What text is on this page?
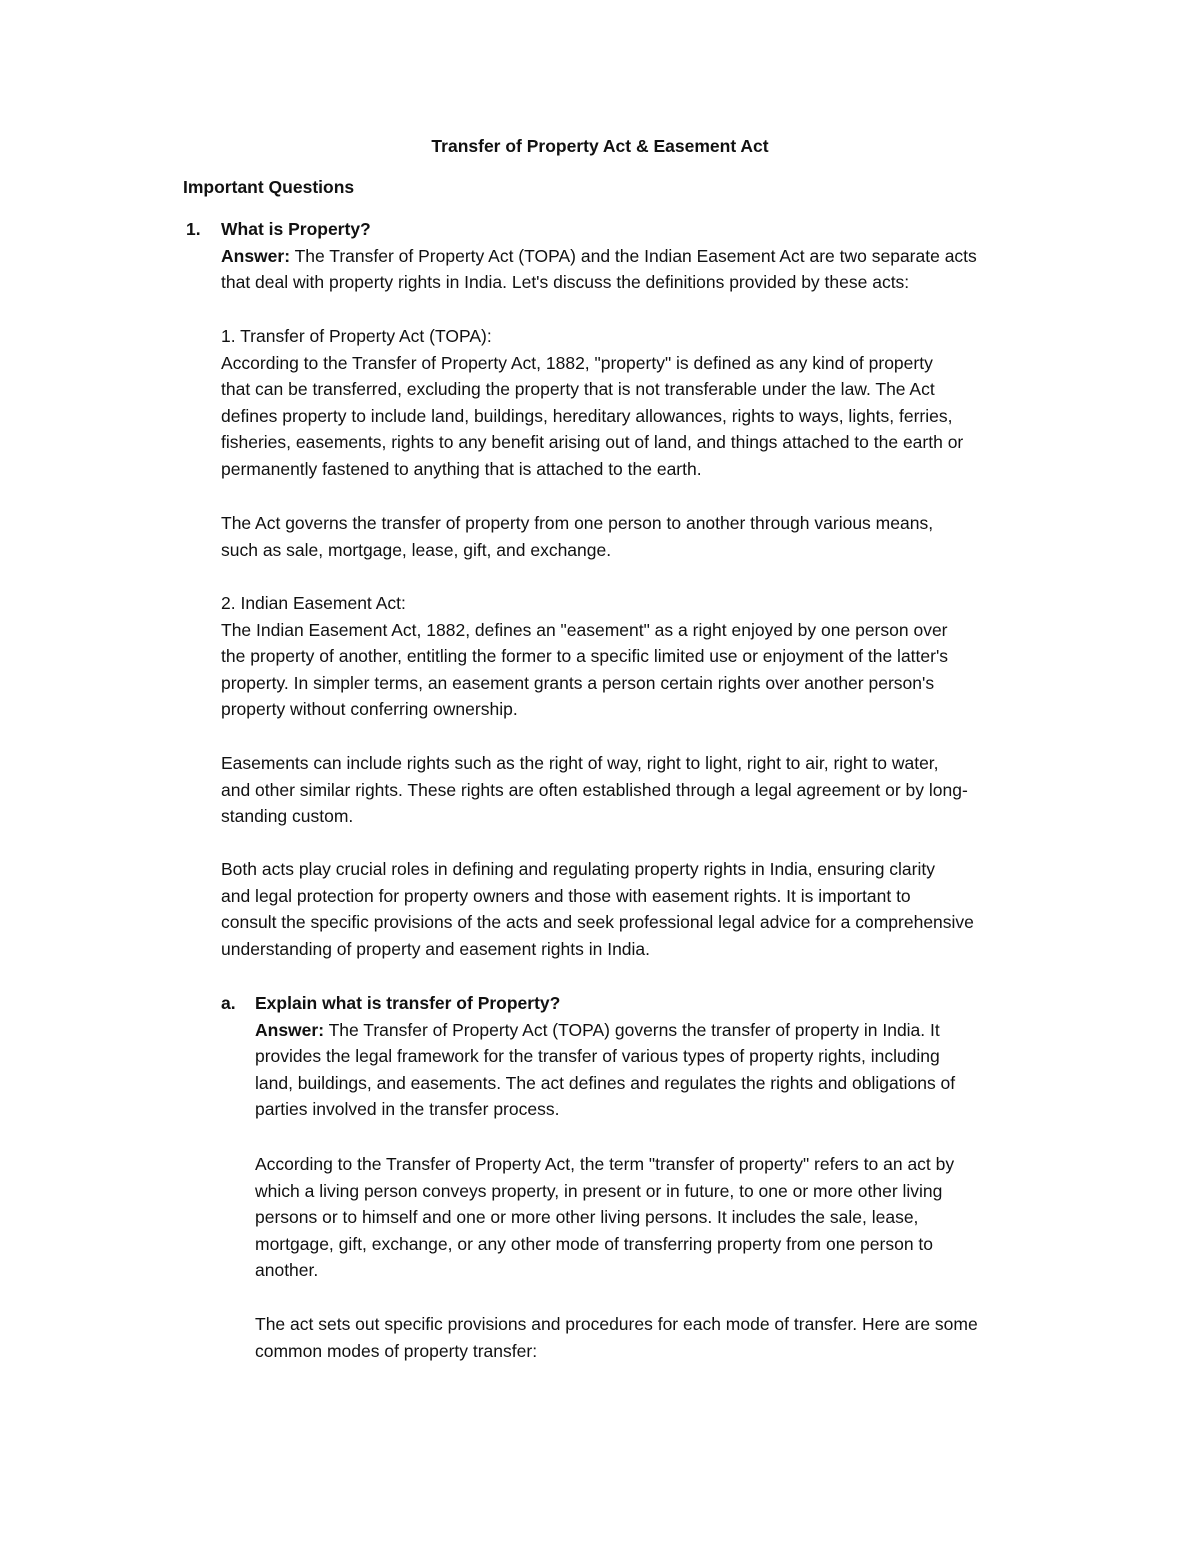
Transfer of Property Act & Easement Act
Important Questions
1. What is Property?

Answer: The Transfer of Property Act (TOPA) and the Indian Easement Act are two separate acts

that deal with property rights in India. Let's discuss the definitions provided by these acts:

1. Transfer of Property Act (TOPA):

According to the Transfer of Property Act, 1882, "property" is defined as any kind of property

that can be transferred, excluding the property that is not transferable under the law. The Act

defines property to include land, buildings, hereditary allowances, rights to ways, lights, ferries,

fisheries, easements, rights to any benefit arising out of land, and things attached to the earth or

permanently fastened to anything that is attached to the earth.

The Act governs the transfer of property from one person to another through various means,

such as sale, mortgage, lease, gift, and exchange.

2. Indian Easement Act:

The Indian Easement Act, 1882, defines an "easement" as a right enjoyed by one person over

the property of another, entitling the former to a specific limited use or enjoyment of the latter's

property. In simpler terms, an easement grants a person certain rights over another person's

property without conferring ownership.

Easements can include rights such as the right of way, right to light, right to air, right to water,

and other similar rights. These rights are often established through a legal agreement or by long-

standing custom.

Both acts play crucial roles in defining and regulating property rights in India, ensuring clarity

and legal protection for property owners and those with easement rights. It is important to

consult the specific provisions of the acts and seek professional legal advice for a comprehensive

understanding of property and easement rights in India.

a. Explain what is transfer of Property?

Answer: The Transfer of Property Act (TOPA) governs the transfer of property in India. It

provides the legal framework for the transfer of various types of property rights, including

land, buildings, and easements. The act defines and regulates the rights and obligations of

parties involved in the transfer process.

According to the Transfer of Property Act, the term "transfer of property" refers to an act by

which a living person conveys property, in present or in future, to one or more other living

persons or to himself and one or more other living persons. It includes the sale, lease,

mortgage, gift, exchange, or any other mode of transferring property from one person to

another.

The act sets out specific provisions and procedures for each mode of transfer. Here are some

common modes of property transfer:
